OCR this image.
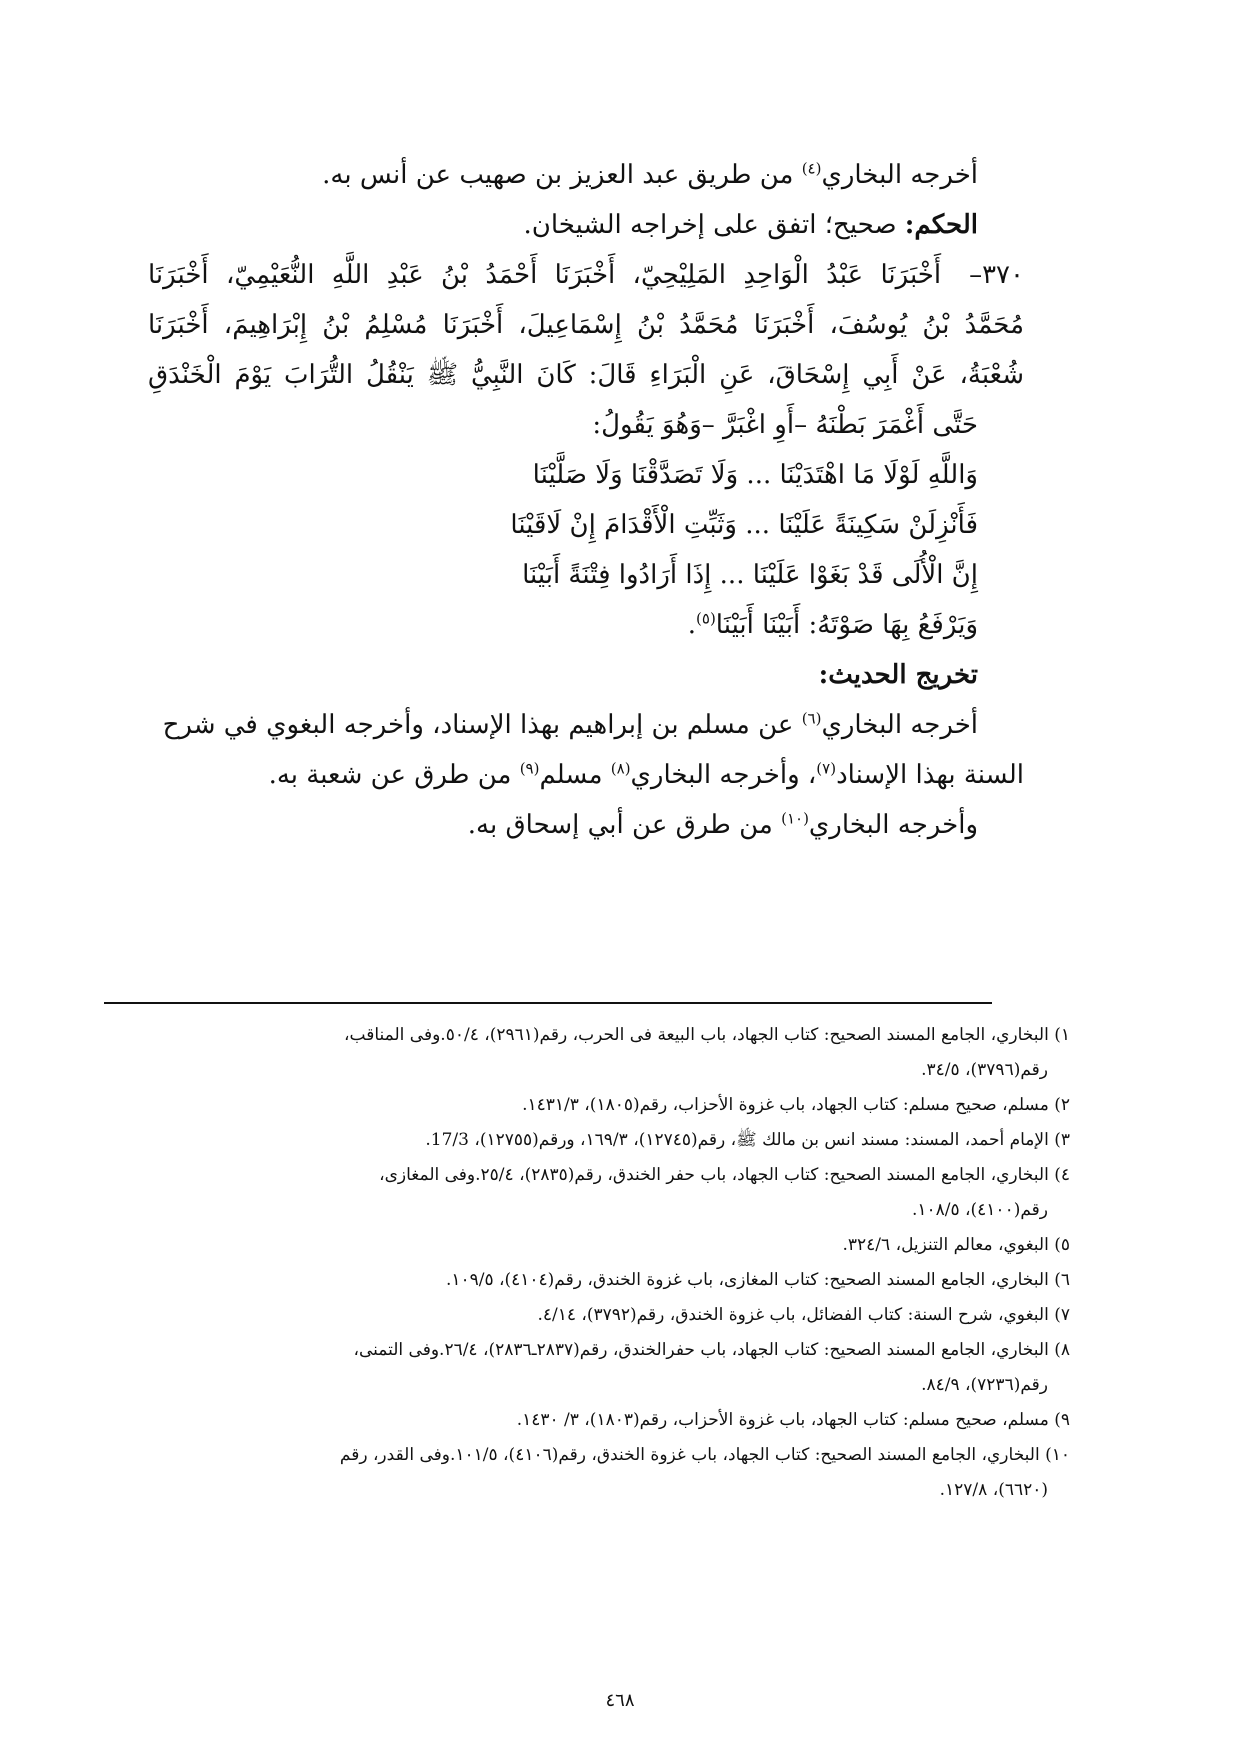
أخرجه البخاري$^{(٤)}$ من طريق عبد العزيز بن صهيب عن أنس به.
الحكم: صحيح؛ اتفق على إخراجه الشيخان.
٣٧٠–أَخْبَرَنَا عَبْدُ الْوَاحِدِ المَلِيْحِيّ، أَخْبَرَنَا أَحْمَدُ بْنُ عَبْدِ اللَّهِ النُّعَيْمِيّ، أَخْبَرَنَا
مُحَمَّدُ بْنُ يُوسُفَ، أَخْبَرَنَا مُحَمَّدُ بْنُ إِسْمَاعِيلَ، أَخْبَرَنَا مُسْلِمُ بْنُ إِبْرَاهِيمَ، أَخْبَرَنَا
شُعْبَةُ، عَنْ أَبِي إِسْحَاقَ، عَنِ الْبَرَاءِ قَالَ: كَانَ النَّبِيُّ ﷺ يَنْقُلُ التُّرَابَ يَوْمَ الْخَنْدَقِ
حَتَّى أَغْمَرَ بَطْنَهُ –أَوِ اغْبَرَّ –وَهُوَ يَقُولُ:
وَاللَّهِ لَوْلَا مَا اهْتَدَيْنَا ... وَلَا تَصَدَّقْنَا وَلَا صَلَّيْنَا
فَأَنْزِلَنْ سَكِينَةً عَلَيْنَا ... وَثَبِّتِ الْأَقْدَامَ إِنْ لَاقَيْنَا
إِنَّ الْأُلَى قَدْ بَغَوْا عَلَيْنَا ... إِذَا أَرَادُوا فِتْنَةً أَبَيْنَا
وَيَرْفَعُ بِهَا صَوْتَهُ: أَبَيْنَا أَبَيْنَا$^{(٥)}$.
تخريج الحديث:
أخرجه البخاري$^{(٦)}$ عن مسلم بن إبراهيم بهذا الإسناد، وأخرجه البغوي في شرح
السنة بهذا الإسناد$^{(٧)}$، وأخرجه البخاري$^{(٨)}$ مسلم$^{(٩)}$ من طرق عن شعبة به.
وأخرجه البخاري$^{(١٠)}$ من طرق عن أبي إسحاق به.
١) البخاري، الجامع المسند الصحيح: كتاب الجهاد، باب البيعة فى الحرب، رقم(٢٩٦١)، ٥٠/٤.وفى المناقب،
رقم(٣٧٩٦)، ٣٤/٥.
٢) مسلم، صحيح مسلم: كتاب الجهاد، باب غزوة الأحزاب، رقم(١٨٠٥)، ١٤٣١/٣.
٣) الإمام أحمد، المسند: مسند انس بن مالك ﷺ، رقم(١٢٧٤٥)، ١٦٩/٣، ورقم(١٢٧٥٥)، 17/3.
٤) البخاري، الجامع المسند الصحيح: كتاب الجهاد، باب حفر الخندق، رقم(٢٨٣٥)، ٢٥/٤.وفى المغازى،
رقم(٤١٠٠)، ١٠٨/٥.
٥) البغوي، معالم التنزيل، ٣٢٤/٦.
٦) البخاري، الجامع المسند الصحيح: كتاب المغازى، باب غزوة الخندق، رقم(٤١٠٤)، ١٠٩/٥.
٧) البغوي، شرح السنة: كتاب الفضائل، باب غزوة الخندق، رقم(٣٧٩٢)، ٤/١٤.
٨) البخاري، الجامع المسند الصحيح: كتاب الجهاد، باب حفرالخندق، رقم(٢٨٣٧ـ٢٨٣٦)، ٢٦/٤.وفى التمنى،
رقم(٧٢٣٦)، ٨٤/٩.
٩) مسلم، صحيح مسلم: كتاب الجهاد، باب غزوة الأحزاب، رقم(١٨٠٣)، ٣/ ١٤٣٠.
١٠) البخاري، الجامع المسند الصحيح: كتاب الجهاد، باب غزوة الخندق، رقم(٤١٠٦)، ١٠١/٥.وفى القدر، رقم
(٦٦٢٠)، ١٢٧/٨.
٤٦٨
